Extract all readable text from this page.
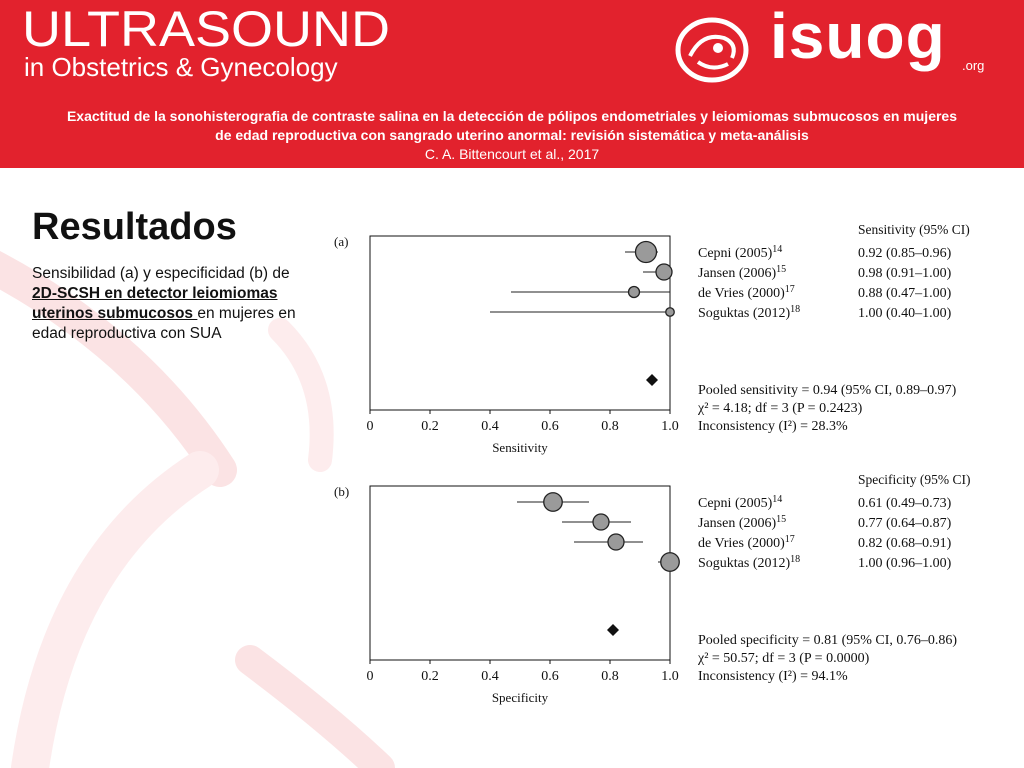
ULTRASOUND
in Obstetrics & Gynecology	isuog .org
Exactitud de la sonohisterografia de contraste salina en la detección de pólipos endometriales y leiomiomas submucosos en mujeres
de edad reproductiva con sangrado uterino anormal: revisión sistemática y meta-análisis
C. A. Bittencourt et al., 2017
Resultados
Sensibilidad (a) y especificidad (b) de 2D-SCSH en detector leiomiomas uterinos submucosos en mujeres en edad reproductiva con SUA
(a)
0	0.2	0.4	0.6	0.8	1.0
Sensitivity
Sensitivity (95% CI)
Cepni $(2005)^{14}$	0.92 (0.85–0.96)
Jansen $(2006)^{15}$	0.98 (0.91–1.00)
de Vries $(2000)^{17}$	0.88 (0.47–1.00)
Soguktas $(2012)^{18}$	1.00 (0.40–1.00)
Pooled sensitivity = 0.94 (95% CI, 0.89–0.97)
χ² = 4.18; df = 3 (P = 0.2423)
Inconsistency (I²) = 28.3%
(b)
0	0.2	0.4	0.6	0.8	1.0
Specificity
Specificity (95% CI)
Cepni $(2005)^{14}$	0.61 (0.49–0.73)
Jansen $(2006)^{15}$	0.77 (0.64–0.87)
de Vries $(2000)^{17}$	0.82 (0.68–0.91)
Soguktas $(2012)^{18}$	1.00 (0.96–1.00)
Pooled specificity = 0.81 (95% CI, 0.76–0.86)
χ² = 50.57; df = 3 (P = 0.0000)
Inconsistency (I²) = 94.1%
